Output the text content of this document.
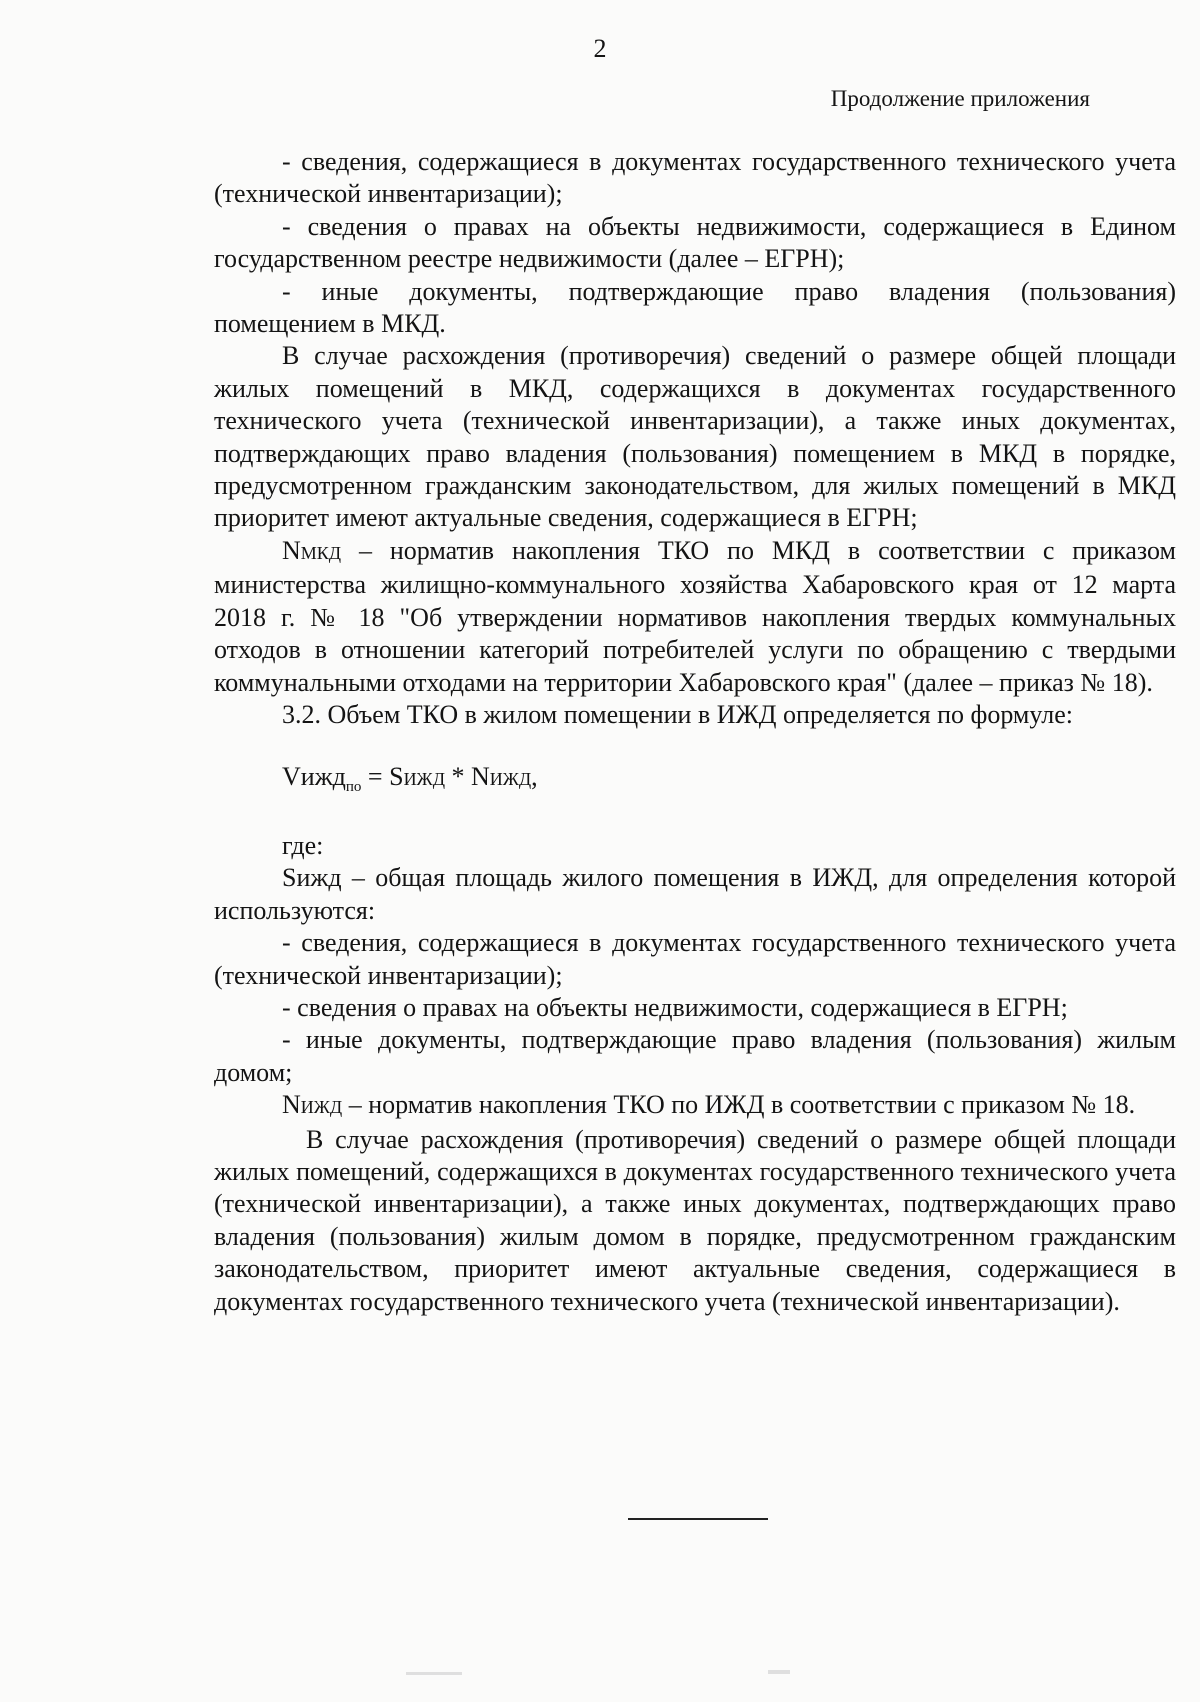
2
Продолжение приложения

- сведения, содержащиеся в документах государственного технического учета (технической инвентаризации);

- сведения о правах на объекты недвижимости, содержащиеся в Едином государственном реестре недвижимости (далее – ЕГРН);

- иные документы, подтверждающие право владения (пользования) помещением в МКД.

В случае расхождения (противоречия) сведений о размере общей площади жилых помещений в МКД, содержащихся в документах государственного технического учета (технической инвентаризации), а также иных документах, подтверждающих право владения (пользования) помещением в МКД в порядке, предусмотренном гражданским законодательством, для жилых помещений в МКД приоритет имеют актуальные сведения, содержащиеся в ЕГРН;

NМКД – норматив накопления ТКО по МКД в соответствии с приказом министерства жилищно-коммунального хозяйства Хабаровского края от 12 марта 2018 г. № 18 "Об утверждении нормативов накопления твердых коммунальных отходов в отношении категорий потребителей услуги по обращению с твердыми коммунальными отходами на территории Хабаровского края" (далее – приказ № 18).

3.2. Объем ТКО в жилом помещении в ИЖД определяется по формуле:

Vижд$_{по}$ = SИЖД * NИЖД,

где:

Sижд – общая площадь жилого помещения в ИЖД, для определения которой используются:

- сведения, содержащиеся в документах государственного технического учета (технической инвентаризации);

- сведения о правах на объекты недвижимости, содержащиеся в ЕГРН;

- иные документы, подтверждающие право владения (пользования) жилым домом;

NИЖД – норматив накопления ТКО по ИЖД в соответствии с приказом № 18.

В случае расхождения (противоречия) сведений о размере общей площади жилых помещений, содержащихся в документах государственного технического учета (технической инвентаризации), а также иных документах, подтверждающих право владения (пользования) жилым домом в порядке, предусмотренном гражданским законодательством, приоритет имеют актуальные сведения, содержащиеся в документах государственного технического учета (технической инвентаризации).
